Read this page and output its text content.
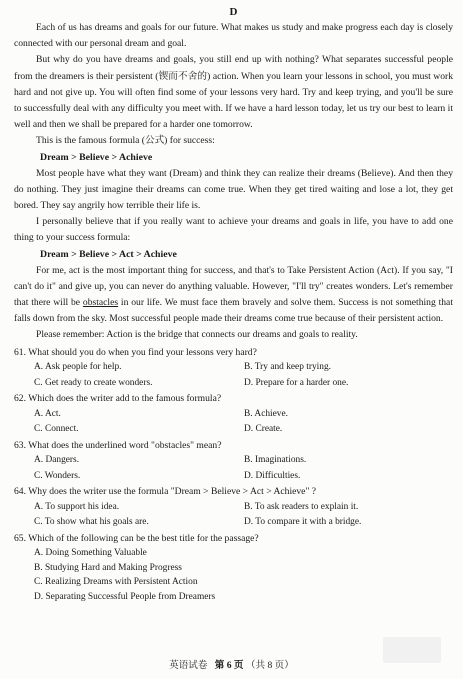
D

Each of us has dreams and goals for our future. What makes us study and make progress each day is closely connected with our personal dream and goal.

But why do you have dreams and goals, you still end up with nothing? What separates successful people from the dreamers is their persistent (锲而不舍的) action. When you learn your lessons in school, you must work hard and not give up. You will often find some of your lessons very hard. Try and keep trying, and you'll be sure to successfully deal with any difficulty you meet with. If we have a hard lesson today, let us try our best to learn it well and then we shall be prepared for a harder one tomorrow.

This is the famous formula (公式) for success:

Dream > Believe > Achieve

Most people have what they want (Dream) and think they can realize their dreams (Believe). And then they do nothing. They just imagine their dreams can come true. When they get tired waiting and lose a lot, they get bored. They say angrily how terrible their life is.

I personally believe that if you really want to achieve your dreams and goals in life, you have to add one thing to your success formula:

Dream > Believe > Act > Achieve

For me, act is the most important thing for success, and that's to Take Persistent Action (Act). If you say, "I can't do it" and give up, you can never do anything valuable. However, "I'll try" creates wonders. Let's remember that there will be obstacles in our life. We must face them bravely and solve them. Success is not something that falls down from the sky. Most successful people made their dreams come true because of their persistent action.

Please remember: Action is the bridge that connects our dreams and goals to reality.

61. What should you do when you find your lessons very hard?

A. Ask people for help.	B. Try and keep trying.
C. Get ready to create wonders.	D. Prepare for a harder one.

62. Which does the writer add to the famous formula?

A. Act.	B. Achieve.
C. Connect.	D. Create.

63. What does the underlined word "obstacles" mean?

A. Dangers.	B. Imaginations.
C. Wonders.	D. Difficulties.

64. Why does the writer use the formula "Dream > Believe > Act > Achieve" ?

A. To support his idea.	B. To ask readers to explain it.
C. To show what his goals are.	D. To compare it with a bridge.

65. Which of the following can be the best title for the passage?

A. Doing Something Valuable
B. Studying Hard and Making Progress
C. Realizing Dreams with Persistent Action
D. Separating Successful People from Dreamers
英语试卷 第 6 页 （共 8 页）
